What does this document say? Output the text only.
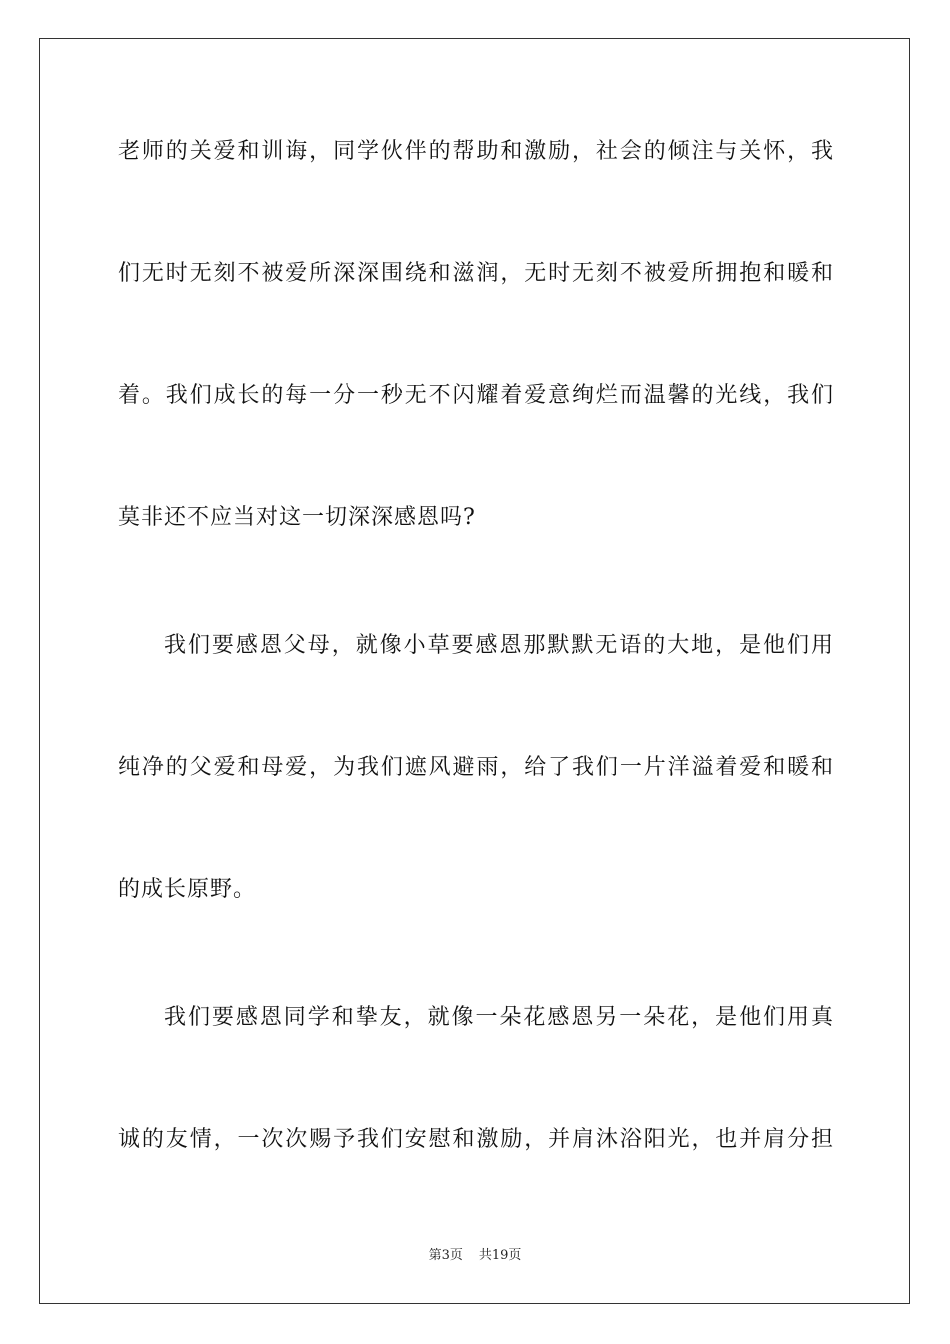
老师的关爱和训诲，同学伙伴的帮助和激励，社会的倾注与关怀，我
们无时无刻不被爱所深深围绕和滋润，无时无刻不被爱所拥抱和暖和
着。我们成长的每一分一秒无不闪耀着爱意绚烂而温馨的光线，我们
莫非还不应当对这一切深深感恩吗?
我们要感恩父母，就像小草要感恩那默默无语的大地，是他们用
纯净的父爱和母爱，为我们遮风避雨，给了我们一片洋溢着爱和暖和
的成长原野。
我们要感恩同学和挚友，就像一朵花感恩另一朵花，是他们用真
诚的友情，一次次赐予我们安慰和激励，并肩沐浴阳光，也并肩分担
第3页 共19页
